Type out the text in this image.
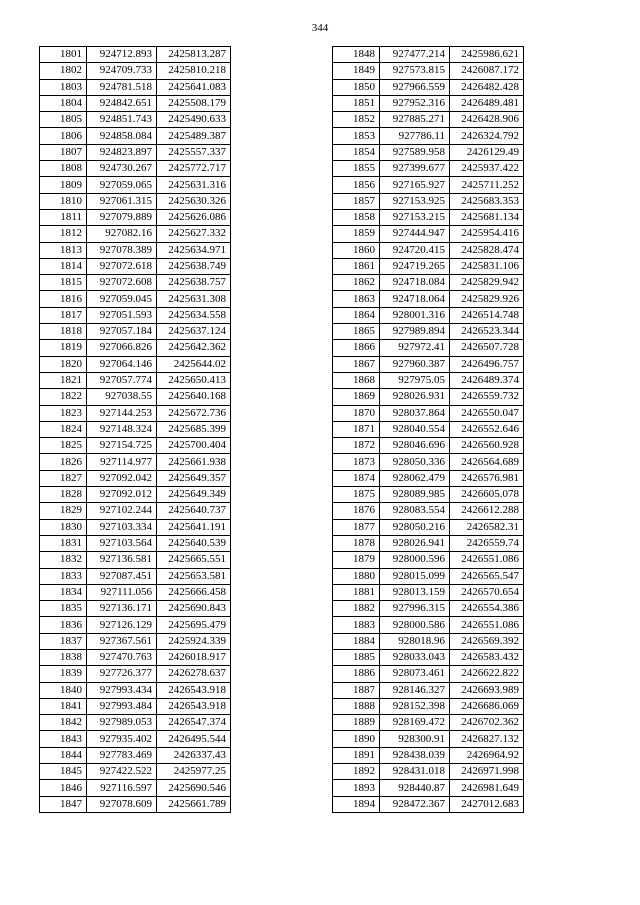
344
1801	924712.893	2425813.287
1802	924709.733	2425810.218
1803	924781.518	2425641.083
1804	924842.651	2425508.179
1805	924851.743	2425490.633
1806	924858.084	2425489.387
1807	924823.897	2425557.337
1808	924730.267	2425772.717
1809	927059.065	2425631.316
1810	927061.315	2425630.326
1811	927079.889	2425626.086
1812	927082.16	2425627.332
1813	927078.389	2425634.971
1814	927072.618	2425638.749
1815	927072.608	2425638.757
1816	927059.045	2425631.308
1817	927051.593	2425634.558
1818	927057.184	2425637.124
1819	927066.826	2425642.362
1820	927064.146	2425644.02
1821	927057.774	2425650.413
1822	927038.55	2425640.168
1823	927144.253	2425672.736
1824	927148.324	2425685.399
1825	927154.725	2425700.404
1826	927114.977	2425661.938
1827	927092.042	2425649.357
1828	927092.012	2425649.349
1829	927102.244	2425640.737
1830	927103.334	2425641.191
1831	927103.564	2425640.539
1832	927136.581	2425665.551
1833	927087.451	2425653.581
1834	927111.056	2425666.458
1835	927136.171	2425690.843
1836	927126.129	2425695.479
1837	927367.561	2425924.339
1838	927470.763	2426018.917
1839	927726.377	2426278.637
1840	927993.434	2426543.918
1841	927993.484	2426543.918
1842	927989.053	2426547.374
1843	927935.402	2426495.544
1844	927783.469	2426337.43
1845	927422.522	2425977.25
1846	927116.597	2425690.546
1847	927078.609	2425661.789
1848	927477.214	2425986.621
1849	927573.815	2426087.172
1850	927966.559	2426482.428
1851	927952.316	2426489.481
1852	927885.271	2426428.906
1853	927786.11	2426324.792
1854	927589.958	2426129.49
1855	927399.677	2425937.422
1856	927165.927	2425711.252
1857	927153.925	2425683.353
1858	927153.215	2425681.134
1859	927444.947	2425954.416
1860	924720.415	2425828.474
1861	924719.265	2425831.106
1862	924718.084	2425829.942
1863	924718.064	2425829.926
1864	928001.316	2426514.748
1865	927989.894	2426523.344
1866	927972.41	2426507.728
1867	927960.387	2426496.757
1868	927975.05	2426489.374
1869	928026.931	2426559.732
1870	928037.864	2426550.047
1871	928040.554	2426552.646
1872	928046.696	2426560.928
1873	928050.336	2426564.689
1874	928062.479	2426576.981
1875	928089.985	2426605.078
1876	928083.554	2426612.288
1877	928050.216	2426582.31
1878	928026.941	2426559.74
1879	928000.596	2426551.086
1880	928015.099	2426565.547
1881	928013.159	2426570.654
1882	927996.315	2426554.386
1883	928000.586	2426551.086
1884	928018.96	2426569.392
1885	928033.043	2426583.432
1886	928073.461	2426622.822
1887	928146.327	2426693.989
1888	928152.398	2426686.069
1889	928169.472	2426702.362
1890	928300.91	2426827.132
1891	928438.039	2426964.92
1892	928431.018	2426971.998
1893	928440.87	2426981.649
1894	928472.367	2427012.683
